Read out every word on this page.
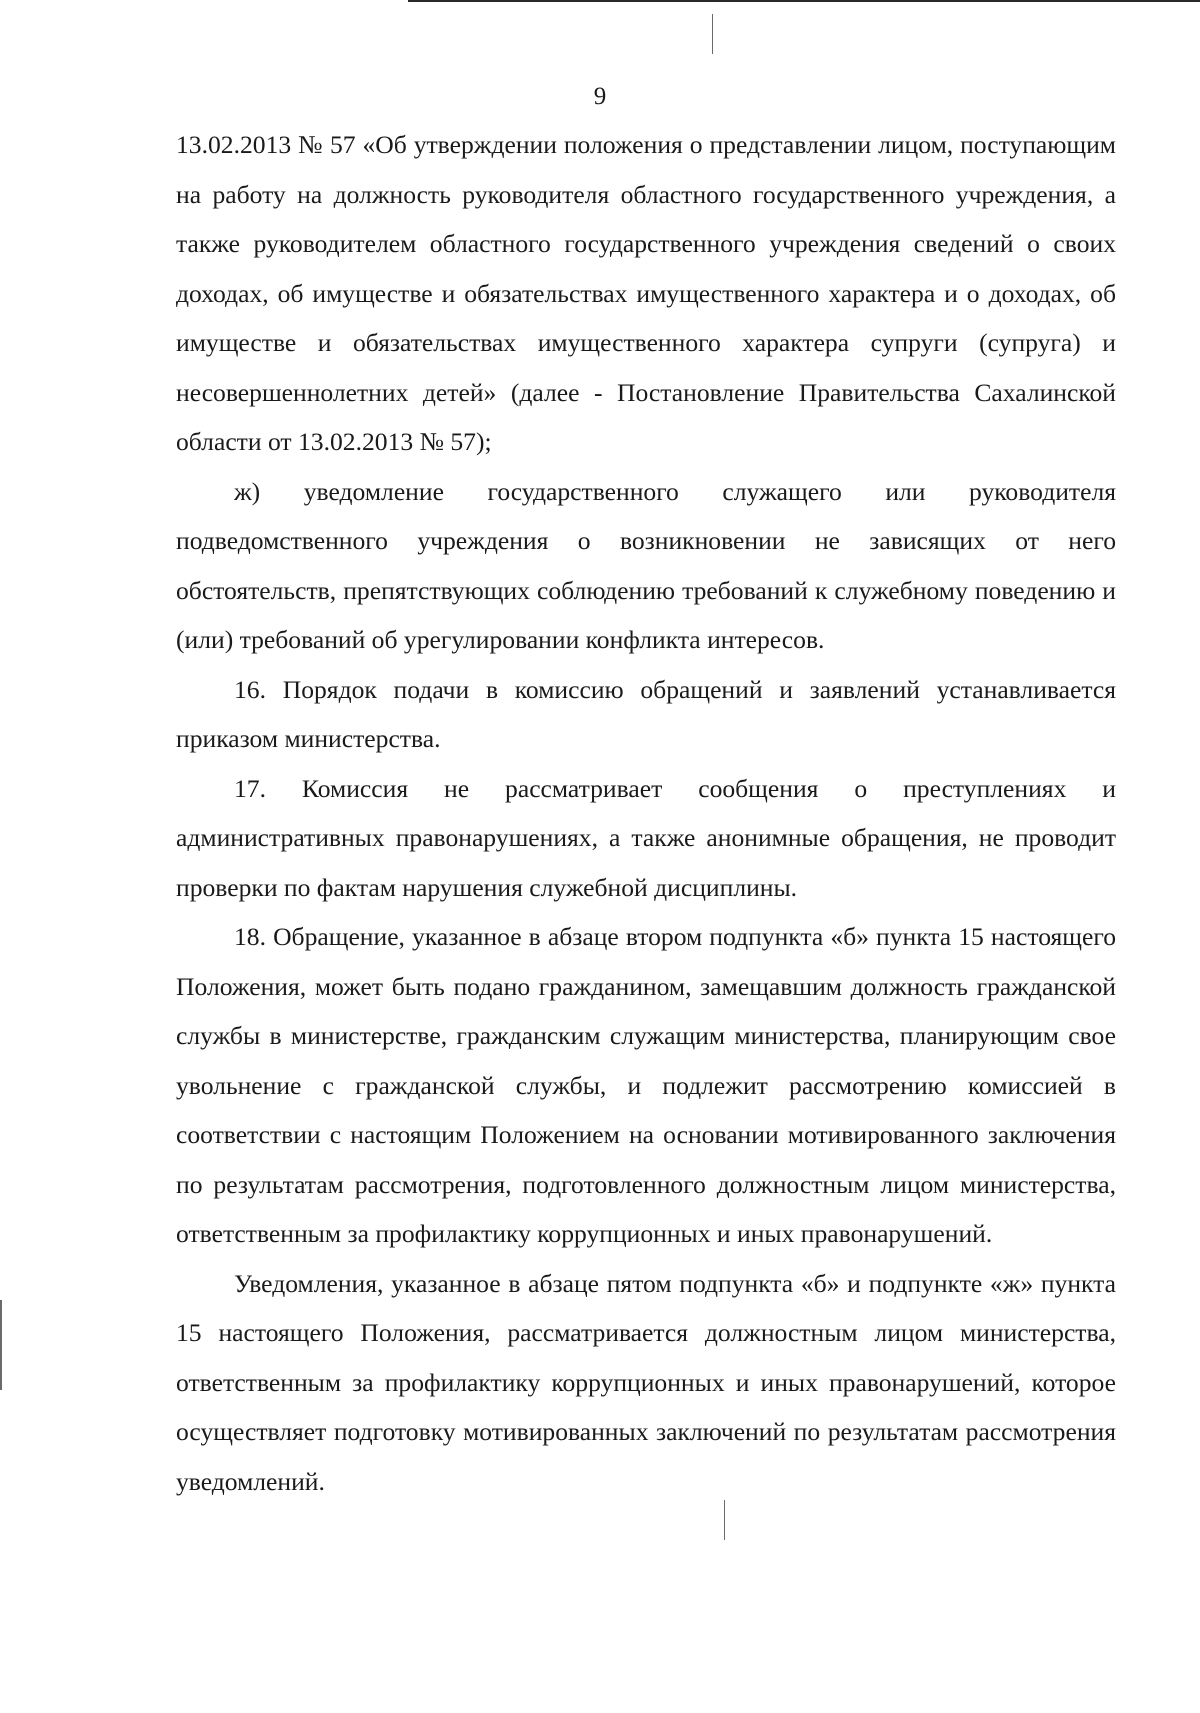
9

13.02.2013 № 57 «Об утверждении положения о представлении лицом, поступающим на работу на должность руководителя областного государственного учреждения, а также руководителем областного государственного учреждения сведений о своих доходах, об имуществе и обязательствах имущественного характера и о доходах, об имуществе и обязательствах имущественного характера супруги (супруга) и несовершеннолетних детей» (далее - Постановление Правительства Сахалинской области от 13.02.2013 № 57);

ж) уведомление государственного служащего или руководителя подведомственного учреждения о возникновении не зависящих от него обстоятельств, препятствующих соблюдению требований к служебному поведению и (или) требований об урегулировании конфликта интересов.

16. Порядок подачи в комиссию обращений и заявлений устанавливается приказом министерства.

17. Комиссия не рассматривает сообщения о преступлениях и административных правонарушениях, а также анонимные обращения, не проводит проверки по фактам нарушения служебной дисциплины.

18. Обращение, указанное в абзаце втором подпункта «б» пункта 15 настоящего Положения, может быть подано гражданином, замещавшим должность гражданской службы в министерстве, гражданским служащим министерства, планирующим свое увольнение с гражданской службы, и подлежит рассмотрению комиссией в соответствии с настоящим Положением на основании мотивированного заключения по результатам рассмотрения, подготовленного должностным лицом министерства, ответственным за профилактику коррупционных и иных правонарушений.

Уведомления, указанное в абзаце пятом подпункта «б» и подпункте «ж» пункта 15 настоящего Положения, рассматривается должностным лицом министерства, ответственным за профилактику коррупционных и иных правонарушений, которое осуществляет подготовку мотивированных заключений по результатам рассмотрения уведомлений.
